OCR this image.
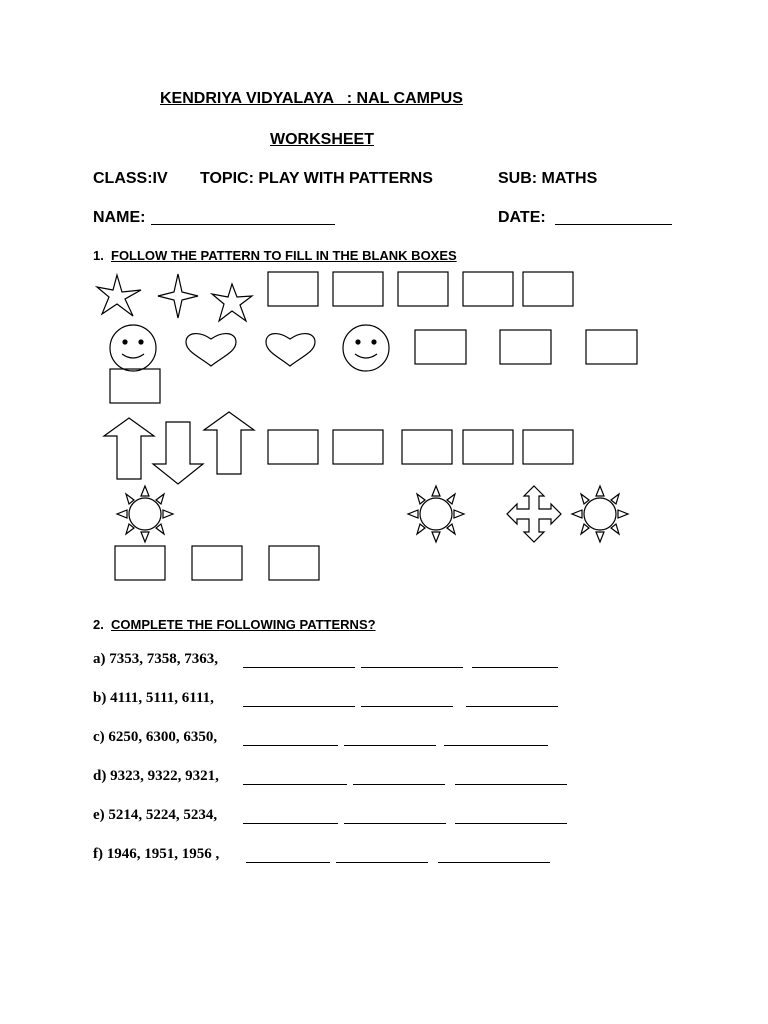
KENDRIYA VIDYALAYA   : NAL CAMPUS
WORKSHEET
CLASS:IV TOPIC: PLAY WITH PATTERNS	SUB: MATHS
NAME:	DATE:
1. FOLLOW THE PATTERN TO FILL IN THE BLANK BOXES
2. COMPLETE THE FOLLOWING PATTERNS?
a) 7353, 7358, 7363,
b) 4111, 5111, 6111,
c) 6250, 6300, 6350,
d) 9323, 9322, 9321,
e) 5214, 5224, 5234,
f) 1946, 1951, 1956 ,
